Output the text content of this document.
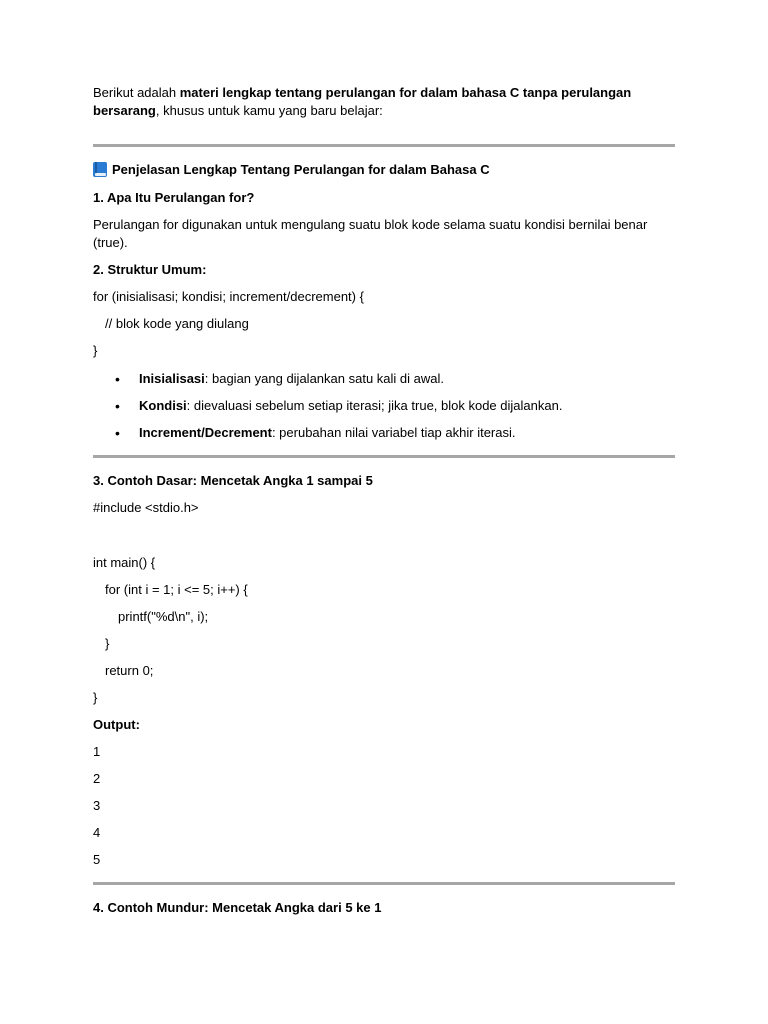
Berikut adalah materi lengkap tentang perulangan for dalam bahasa C tanpa perulangan bersarang, khusus untuk kamu yang baru belajar:

Penjelasan Lengkap Tentang Perulangan for dalam Bahasa C

1. Apa Itu Perulangan for?

Perulangan for digunakan untuk mengulang suatu blok kode selama suatu kondisi bernilai benar (true).

2. Struktur Umum:

for (inisialisasi; kondisi; increment/decrement) {

// blok kode yang diulang

}

• Inisialisasi: bagian yang dijalankan satu kali di awal.
• Kondisi: dievaluasi sebelum setiap iterasi; jika true, blok kode dijalankan.
• Increment/Decrement: perubahan nilai variabel tiap akhir iterasi.

3. Contoh Dasar: Mencetak Angka 1 sampai 5

#include <stdio.h>

int main() {

for (int i = 1; i <= 5; i++) {

printf("%d\n", i);

}

return 0;

}

Output:

1

2

3

4

5

4. Contoh Mundur: Mencetak Angka dari 5 ke 1
